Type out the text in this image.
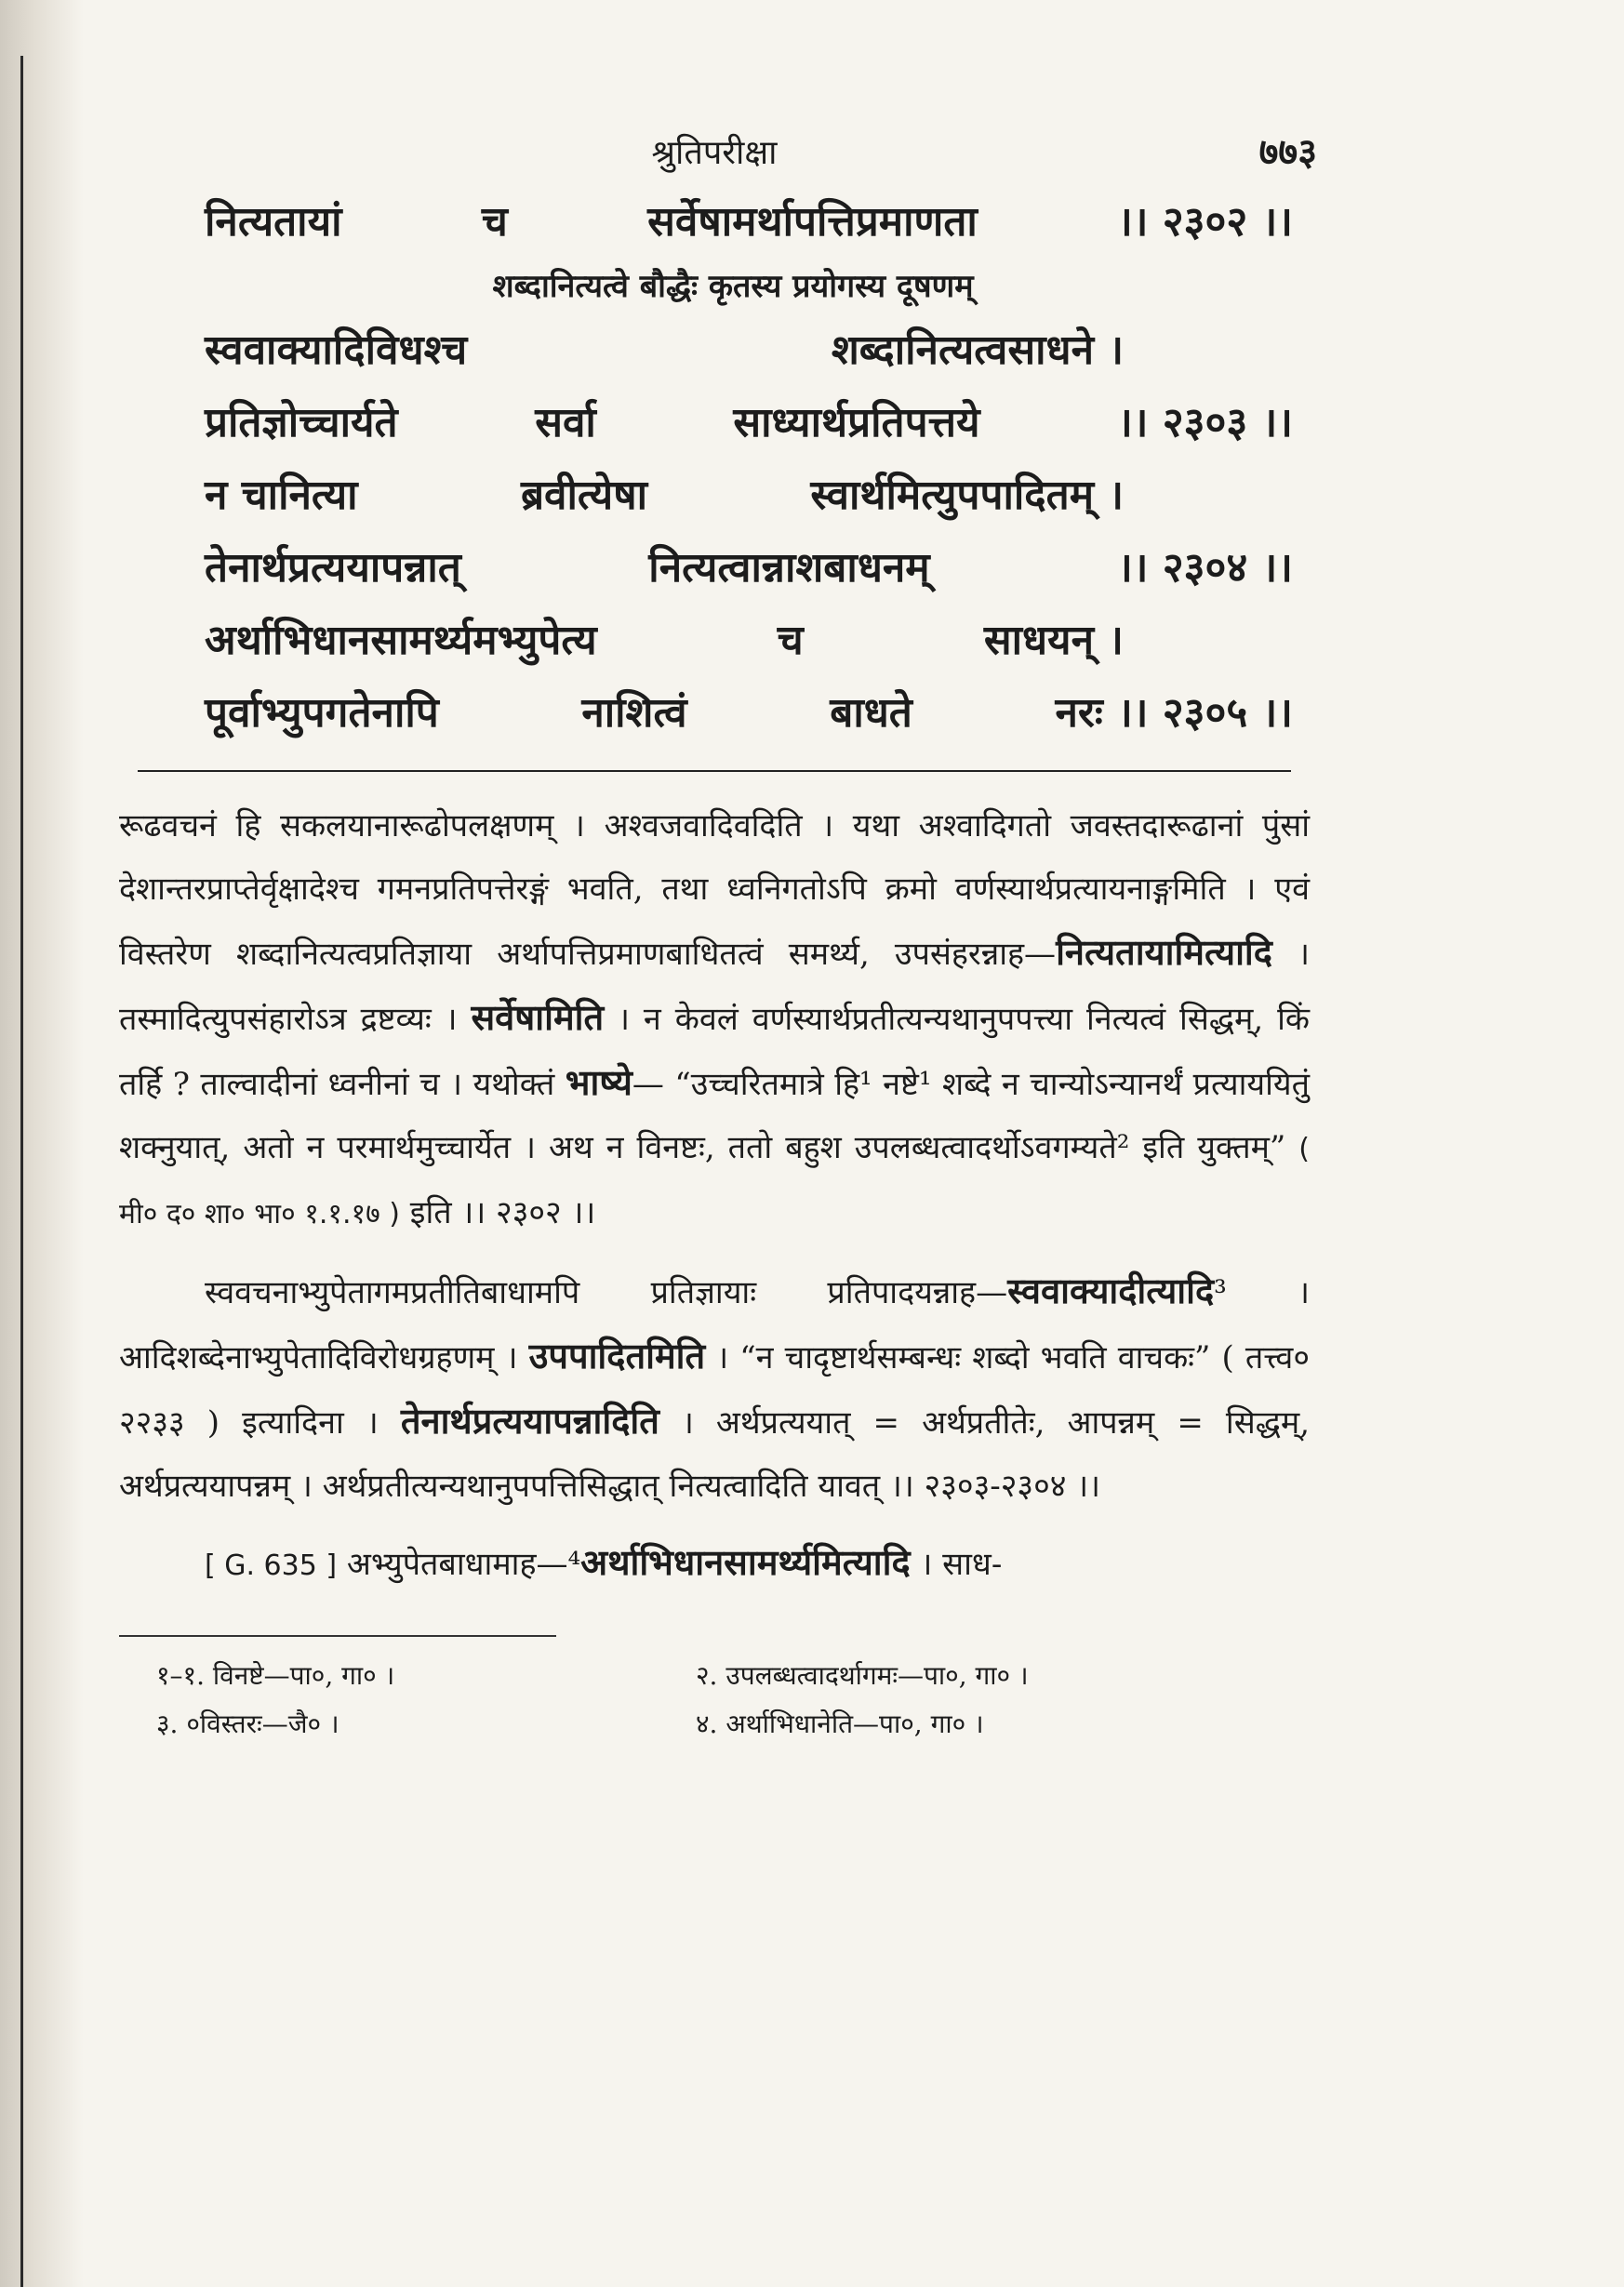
श्रुतिपरीक्षा	७७३
नित्यतायां	च	सर्वेषामर्थापत्तिप्रमाणता	।। २३०२ ।।
शब्दानित्यत्वे बौद्धैः कृतस्य प्रयोगस्य दूषणम्
स्ववाक्यादिविधश्च	शब्दानित्यत्वसाधने ।
प्रतिज्ञोच्चार्यते	सर्वा	साध्यार्थप्रतिपत्तये	।। २३०३ ।।
न चानित्या	ब्रवीत्येषा	स्वार्थमित्युपपादितम् ।
तेनार्थप्रत्ययापन्नात्	नित्यत्वान्नाशबाधनम्	।। २३०४ ।।
अर्थाभिधानसामर्थ्यमभ्युपेत्य	च	साधयन् ।
पूर्वाभ्युपगतेनापि	नाशित्वं	बाधते	नरः ।। २३०५ ।।

रूढवचनं हि सकलयानारूढोपलक्षणम् । अश्वजवादिवदिति । यथा अश्वादिगतो जवस्तदारूढानां पुंसां देशान्तरप्राप्तेर्वृक्षादेश्च गमनप्रतिपत्तेरङ्गं भवति, तथा ध्वनिगतोऽपि क्रमो वर्णस्यार्थप्रत्यायनाङ्गमिति । एवं विस्तरेण शब्दानित्यत्वप्रतिज्ञाया अर्थापत्तिप्रमाणबाधितत्वं समर्थ्य, उपसंहरन्नाह—नित्यतायामित्यादि । तस्मादित्युपसंहारोऽत्र द्रष्टव्यः । सर्वेषामिति । न केवलं वर्णस्यार्थप्रतीत्यन्यथानुपपत्त्या नित्यत्वं सिद्धम्, किं तर्हि ? ताल्वादीनां ध्वनीनां च । यथोक्तं भाष्ये— “उच्चरितमात्रे हि¹ नष्टे¹ शब्दे न चान्योऽन्यानर्थं प्रत्याययितुं शक्नुयात्, अतो न परमार्थमुच्चार्येत । अथ न विनष्टः, ततो बहुश उपलब्धत्वादर्थोऽवगम्यते² इति युक्तम्” ( मी० द० शा० भा० १.१.१७ ) इति ।। २३०२ ।।

स्ववचनाभ्युपेतागमप्रतीतिबाधामपि प्रतिज्ञायाः प्रतिपादयन्नाह—स्ववाक्यादीत्यादि³ । आदिशब्देनाभ्युपेतादिविरोधग्रहणम् । उपपादितमिति । “न चादृष्टार्थसम्बन्धः शब्दो भवति वाचकः” ( तत्त्व० २२३३ ) इत्यादिना । तेनार्थप्रत्ययापन्नादिति । अर्थप्रत्ययात् = अर्थप्रतीतेः, आपन्नम् = सिद्धम्, अर्थप्रत्ययापन्नम् । अर्थप्रतीत्यन्यथानुपपत्तिसिद्धात् नित्यत्वादिति यावत् ।। २३०३-२३०४ ।।

[ G. 635 ] अभ्युपेतबाधामाह—⁴अर्थाभिधानसामर्थ्यमित्यादि । साध-

१–१. विनष्टे—पा०, गा० ।	२. उपलब्धत्वादर्थागमः—पा०, गा० ।
३. ०विस्तरः—जै० ।	४. अर्थाभिधानेति—पा०, गा० ।
